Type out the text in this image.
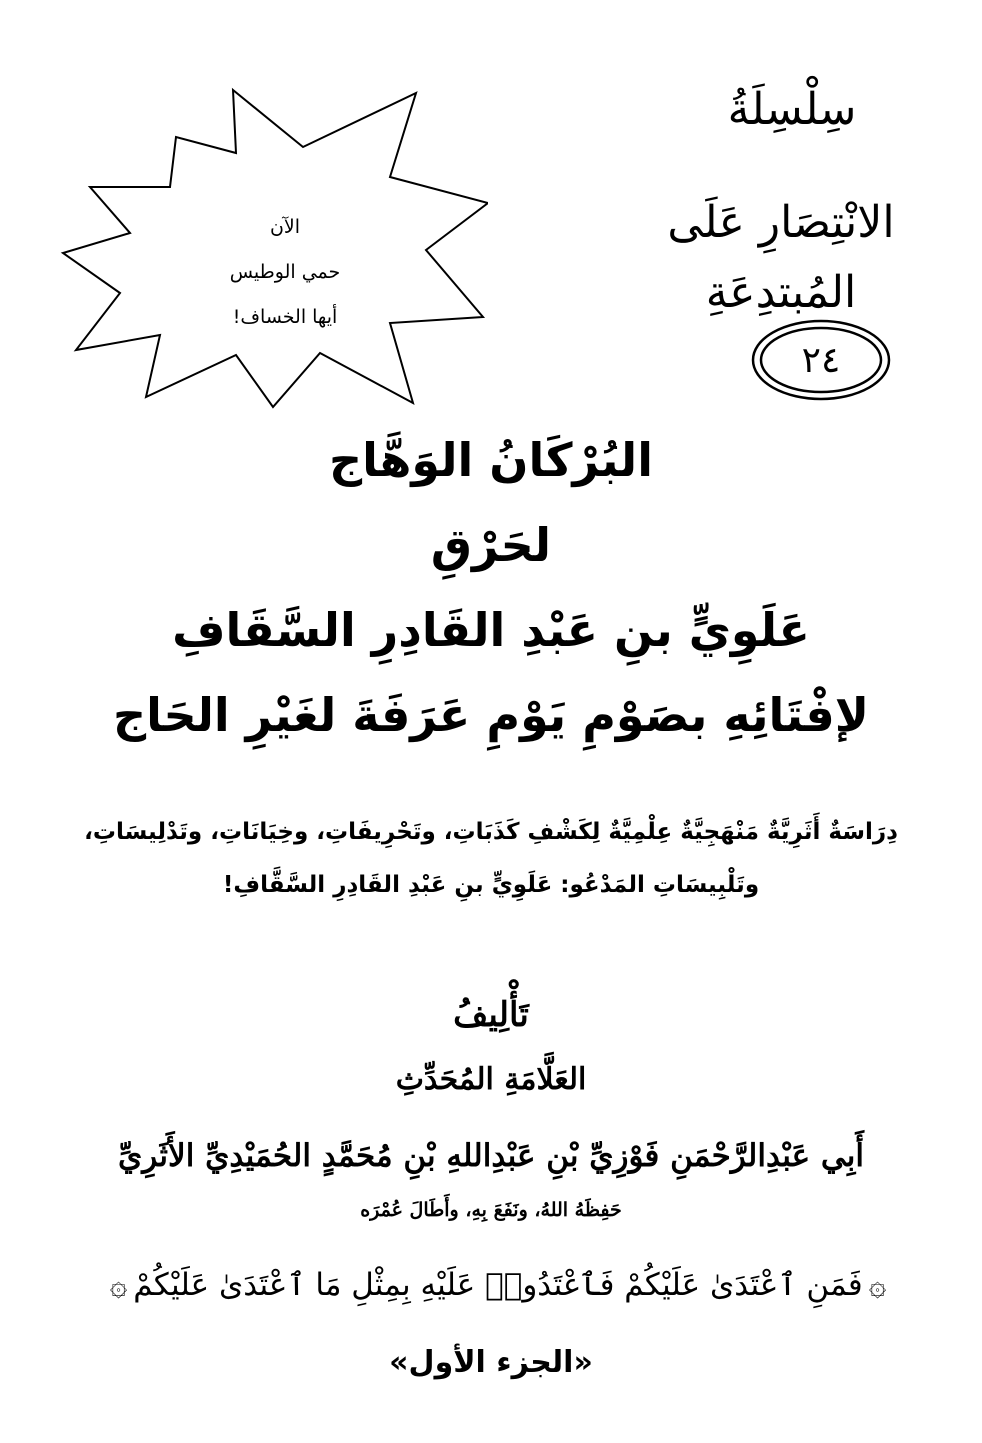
سِلْسِلَةُ
الانْتِصَارِ عَلَى المُبتدِعَةِ
٢٤
الآن
حمي الوطيس
أيها الخساف!
البُرْكَانُ الوَهَّاج
لحَرْقِ
عَلَوِيٍّ بنِ عَبْدِ القَادِرِ السَّقَافِ
لإفْتَائِهِ بصَوْمِ يَوْمِ عَرَفَةَ لغَيْرِ الحَاج
دِرَاسَةٌ أَثَرِيَّةٌ مَنْهَجِيَّةٌ عِلْمِيَّةٌ لِكَشْفِ كَذَبَاتِ، وتَحْرِيفَاتِ، وخِيَانَاتِ، وتَدْلِيسَاتِ،
وتَلْبِيسَاتِ المَدْعُو: عَلَوِيٍّ بنِ عَبْدِ القَادِرِ السَّقَّافِ!
تَأْلِيفُ
العَلَّامَةِ المُحَدِّثِ
أَبِي عَبْدِالرَّحْمَنِ فَوْزِيِّ بْنِ عَبْدِاللهِ بْنِ مُحَمَّدٍ الحُمَيْدِيِّ الأَثَرِيِّ
حَفِظَهُ اللهُ، ونَفَعَ بِهِ، وأَطَالَ عُمْرَه
۞
فَمَنِ ٱعْتَدَىٰ عَلَيْكُمْ فَٱعْتَدُوا۟ عَلَيْهِ بِمِثْلِ مَا ٱعْتَدَىٰ عَلَيْكُمْ
۞
«الجزء الأول»
